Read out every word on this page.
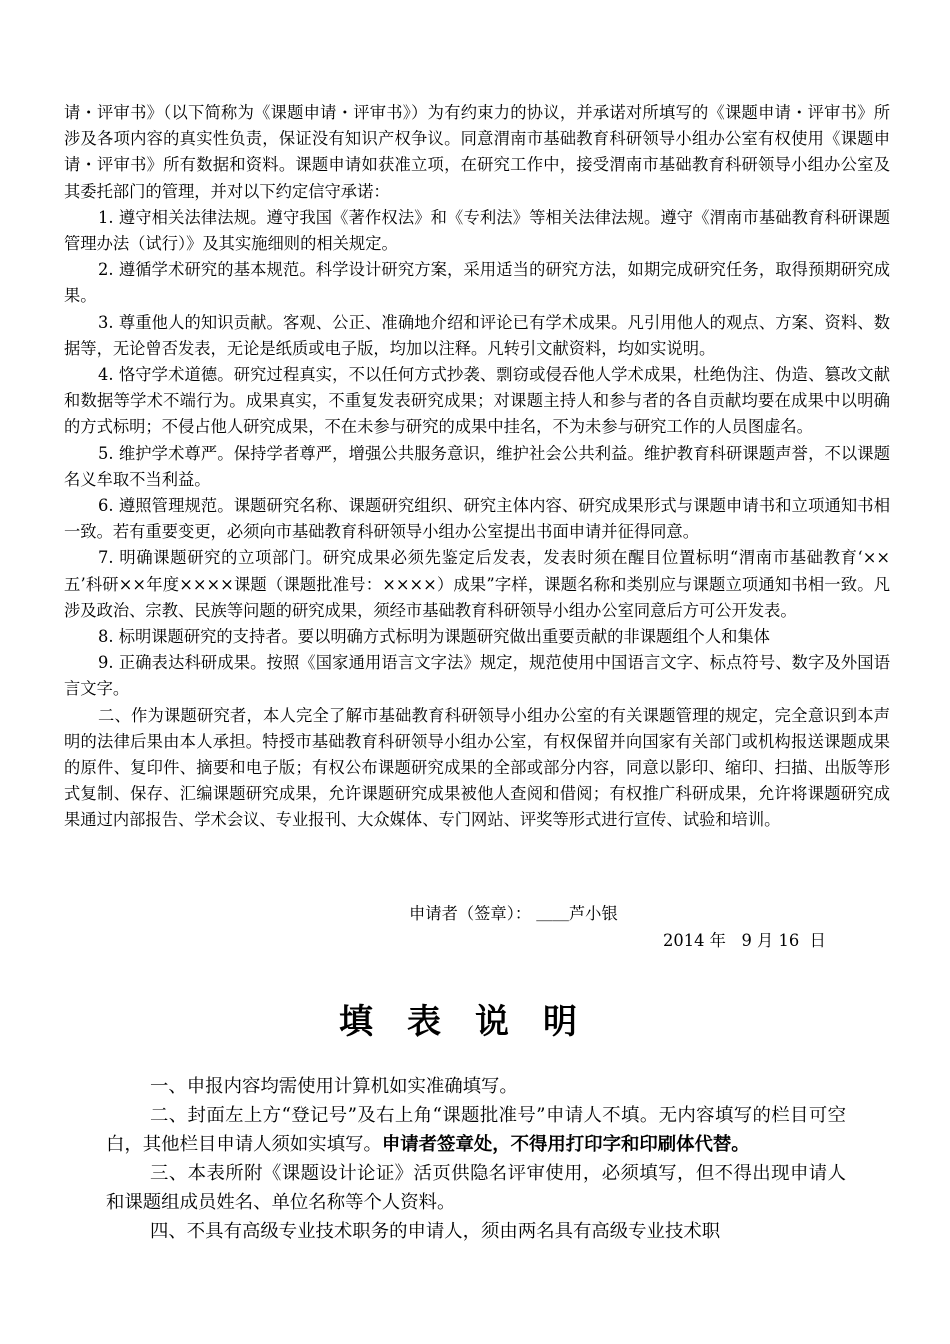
请・评审书》（以下简称为《课题申请・评审书》）为有约束力的协议，并承诺对所填写的《课题申请・评审书》所涉及各项内容的真实性负责，保证没有知识产权争议。同意渭南市基础教育科研领导小组办公室有权使用《课题申请・评审书》所有数据和资料。课题申请如获准立项，在研究工作中，接受渭南市基础教育科研领导小组办公室及其委托部门的管理，并对以下约定信守承诺：

1. 遵守相关法律法规。遵守我国《著作权法》和《专利法》等相关法律法规。遵守《渭南市基础教育科研课题管理办法（试行）》及其实施细则的相关规定。

2. 遵循学术研究的基本规范。科学设计研究方案，采用适当的研究方法，如期完成研究任务，取得预期研究成果。

3. 尊重他人的知识贡献。客观、公正、准确地介绍和评论已有学术成果。凡引用他人的观点、方案、资料、数据等，无论曾否发表，无论是纸质或电子版，均加以注释。凡转引文献资料，均如实说明。

4. 恪守学术道德。研究过程真实，不以任何方式抄袭、剽窃或侵吞他人学术成果，杜绝伪注、伪造、篡改文献和数据等学术不端行为。成果真实，不重复发表研究成果；对课题主持人和参与者的各自贡献均要在成果中以明确的方式标明；不侵占他人研究成果，不在未参与研究的成果中挂名，不为未参与研究工作的人员图虚名。

5. 维护学术尊严。保持学者尊严，增强公共服务意识，维护社会公共利益。维护教育科研课题声誉，不以课题名义牟取不当利益。

6. 遵照管理规范。课题研究名称、课题研究组织、研究主体内容、研究成果形式与课题申请书和立项通知书相一致。若有重要变更，必须向市基础教育科研领导小组办公室提出书面申请并征得同意。

7. 明确课题研究的立项部门。研究成果必须先鉴定后发表，发表时须在醒目位置标明“渭南市基础教育‘××五’科研××年度××××课题（课题批准号：××××）成果”字样，课题名称和类别应与课题立项通知书相一致。凡涉及政治、宗教、民族等问题的研究成果，须经市基础教育科研领导小组办公室同意后方可公开发表。

8. 标明课题研究的支持者。要以明确方式标明为课题研究做出重要贡献的非课题组个人和集体

9. 正确表达科研成果。按照《国家通用语言文字法》规定，规范使用中国语言文字、标点符号、数字及外国语言文字。

二、作为课题研究者，本人完全了解市基础教育科研领导小组办公室的有关课题管理的规定，完全意识到本声明的法律后果由本人承担。特授市基础教育科研领导小组办公室，有权保留并向国家有关部门或机构报送课题成果的原件、复印件、摘要和电子版；有权公布课题研究成果的全部或部分内容，同意以影印、缩印、扫描、出版等形式复制、保存、汇编课题研究成果，允许课题研究成果被他人查阅和借阅；有权推广科研成果，允许将课题研究成果通过内部报告、学术会议、专业报刊、大众媒体、专门网站、评奖等形式进行宣传、试验和培训。

申请者（签章）： ＿＿芦小银
2014 年 9 月 16 日
填表说明

一、申报内容均需使用计算机如实准确填写。

二、封面左上方“登记号”及右上角“课题批准号”申请人不填。无内容填写的栏目可空白，其他栏目申请人须如实填写。申请者签章处，不得用打印字和印刷体代替。

三、本表所附《课题设计论证》活页供隐名评审使用，必须填写，但不得出现申请人和课题组成员姓名、单位名称等个人资料。

四、不具有高级专业技术职务的申请人，须由两名具有高级专业技术职
